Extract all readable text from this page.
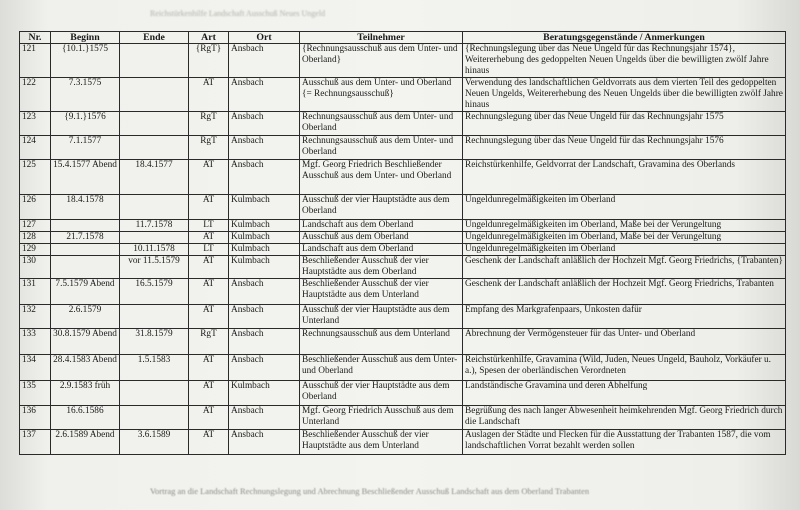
Reichstürkenhilfe Landschaft Ausschuß Neues Ungeld
Nr.	Beginn	Ende	Art	Ort	Teilnehmer	Beratungsgegenstände / Anmerkungen
121	{10.1.}1575		{RgT}	Ansbach	{Rechnungsausschuß aus dem Unter- und Oberland}	{Rechnungslegung über das Neue Ungeld für das Rechnungsjahr 1574}, Weitererhebung des gedoppelten Neuen Ungelds über die bewilligten zwölf Jahre hinaus
122	7.3.1575		AT	Ansbach	Ausschuß aus dem Unter- und Oberland {= Rechnungsausschuß}	Verwendung des landschaftlichen Geldvorrats aus dem vierten Teil des gedoppelten Neuen Ungelds, Weitererhebung des Neuen Ungelds über die bewilligten zwölf Jahre hinaus
123	{9.1.}1576		RgT	Ansbach	Rechnungsausschuß aus dem Unter- und Oberland	Rechnungslegung über das Neue Ungeld für das Rechnungsjahr 1575
124	7.1.1577		RgT	Ansbach	Rechnungsausschuß aus dem Unter- und Oberland	Rechnungslegung über das Neue Ungeld für das Rechnungsjahr 1576
125	15.4.1577 Abend	18.4.1577	AT	Ansbach	Mgf. Georg Friedrich Beschließender Ausschuß aus dem Unter- und Oberland	Reichstürkenhilfe, Geldvorrat der Landschaft, Gravamina des Oberlands
126	18.4.1578		AT	Kulmbach	Ausschuß der vier Hauptstädte aus dem Oberland	Ungeldunregelmäßigkeiten im Oberland
127		11.7.1578	LT	Kulmbach	Landschaft aus dem Oberland	Ungeldunregelmäßigkeiten im Oberland, Maße bei der Verungeltung
128	21.7.1578		AT	Kulmbach	Ausschuß aus dem Oberland	Ungeldunregelmäßigkeiten im Oberland, Maße bei der Verungeltung
129		10.11.1578	LT	Kulmbach	Landschaft aus dem Oberland	Ungeldunregelmäßigkeiten im Oberland
130		vor 11.5.1579	AT	Kulmbach	Beschließender Ausschuß der vier Hauptstädte aus dem Oberland	Geschenk der Landschaft anläßlich der Hochzeit Mgf. Georg Friedrichs, {Trabanten}
131	7.5.1579 Abend	16.5.1579	AT	Ansbach	Beschließender Ausschuß der vier Hauptstädte aus dem Unterland	Geschenk der Landschaft anläßlich der Hochzeit Mgf. Georg Friedrichs, Trabanten
132	2.6.1579		AT	Ansbach	Ausschuß der vier Hauptstädte aus dem Unterland	Empfang des Markgrafenpaars, Unkosten dafür
133	30.8.1579 Abend	31.8.1579	RgT	Ansbach	Rechnungsausschuß aus dem Unterland	Abrechnung der Vermögensteuer für das Unter- und Oberland
134	28.4.1583 Abend	1.5.1583	AT	Ansbach	Beschließender Ausschuß aus dem Unter- und Oberland	Reichstürkenhilfe, Gravamina (Wild, Juden, Neues Ungeld, Bauholz, Vorkäufer u. a.), Spesen der oberländischen Verordneten
135	2.9.1583 früh		AT	Kulmbach	Ausschuß der vier Hauptstädte aus dem Oberland	Landständische Gravamina und deren Abhelfung
136	16.6.1586		AT	Ansbach	Mgf. Georg Friedrich Ausschuß aus dem Unterland	Begrüßung des nach langer Abwesenheit heimkehrenden Mgf. Georg Friedrich durch die Landschaft
137	2.6.1589 Abend	3.6.1589	AT	Ansbach	Beschließender Ausschuß der vier Hauptstädte aus dem Unterland	Auslagen der Städte und Flecken für die Ausstattung der Trabanten 1587, die vom landschaftlichen Vorrat bezahlt werden sollen
Vortrag an die Landschaft Rechnungslegung und Abrechnung Beschließender Ausschuß Landschaft aus dem Oberland Trabanten
